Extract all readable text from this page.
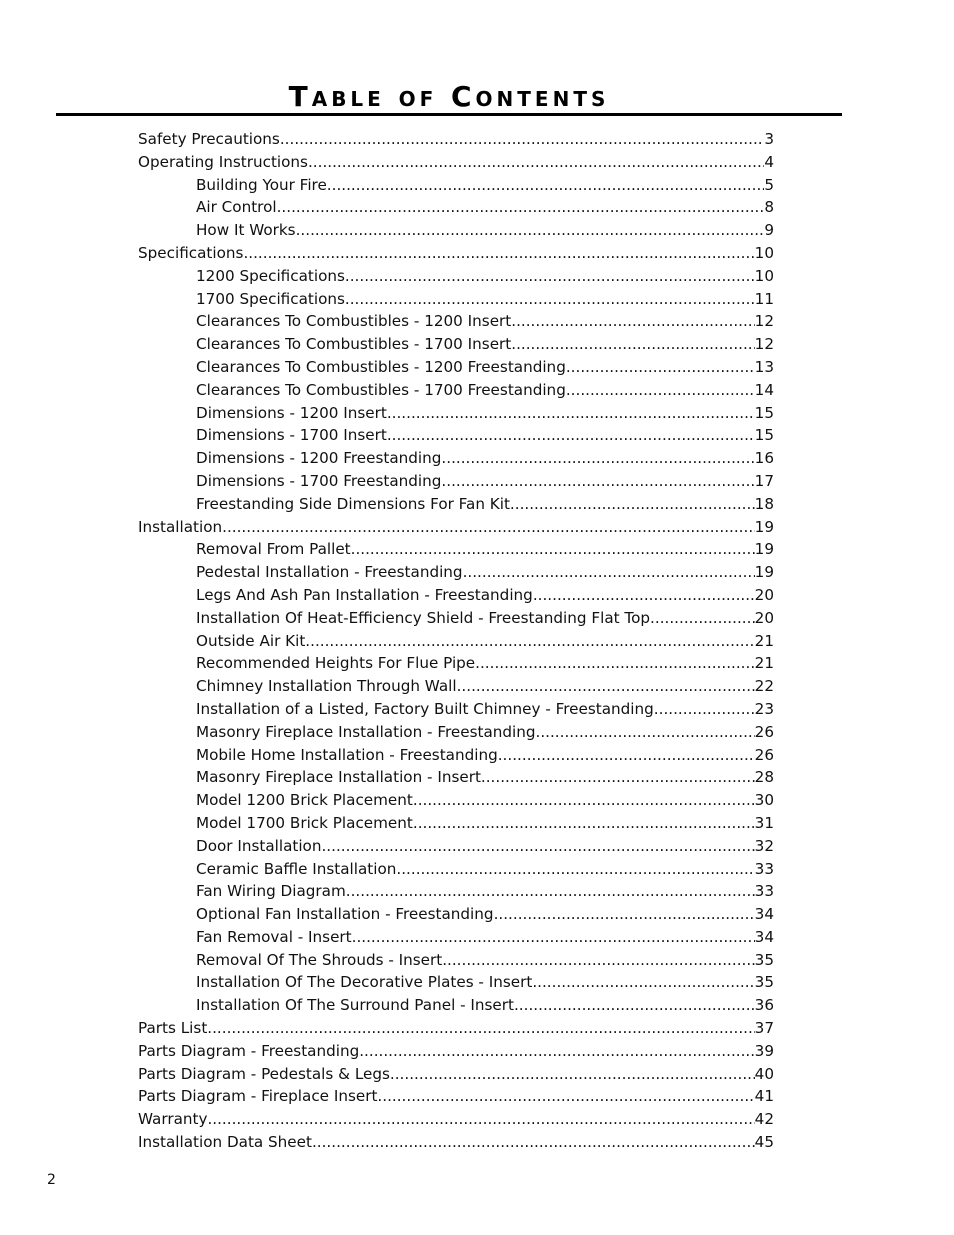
Table of Contents
Safety Precautions .....	3
Operating Instructions .....	4
Building Your Fire .....	5
Air Control .....	8
How It Works .....	9
Specifications .....	10
1200 Specifications .....	10
1700 Specifications .....	11
Clearances To Combustibles - 1200 Insert .....	12
Clearances To Combustibles - 1700 Insert .....	12
Clearances To Combustibles - 1200 Freestanding .....	13
Clearances To Combustibles - 1700 Freestanding .....	14
Dimensions - 1200 Insert .....	15
Dimensions - 1700 Insert .....	15
Dimensions - 1200 Freestanding .....	16
Dimensions - 1700 Freestanding .....	17
Freestanding Side Dimensions For Fan Kit .....	18
Installation .....	19
Removal From Pallet .....	19
Pedestal Installation - Freestanding .....	19
Legs And Ash Pan Installation - Freestanding .....	20
Installation Of Heat-Efficiency Shield - Freestanding Flat Top .....	20
Outside Air Kit .....	21
Recommended Heights For Flue Pipe .....	21
Chimney Installation Through Wall .....	22
Installation of a Listed, Factory Built Chimney - Freestanding .....	23
Masonry Fireplace Installation - Freestanding .....	26
Mobile Home Installation - Freestanding .....	26
Masonry Fireplace Installation - Insert .....	28
Model 1200 Brick Placement .....	30
Model 1700 Brick Placement .....	31
Door Installation .....	32
Ceramic Baffle Installation .....	33
Fan Wiring Diagram .....	33
Optional Fan Installation - Freestanding .....	34
Fan Removal - Insert .....	34
Removal Of The Shrouds - Insert .....	35
Installation Of The Decorative Plates - Insert .....	35
Installation Of The Surround Panel - Insert .....	36
Parts List .....	37
Parts Diagram - Freestanding .....	39
Parts Diagram - Pedestals & Legs .....	40
Parts Diagram - Fireplace Insert .....	41
Warranty .....	42
Installation Data Sheet .....	45
2
